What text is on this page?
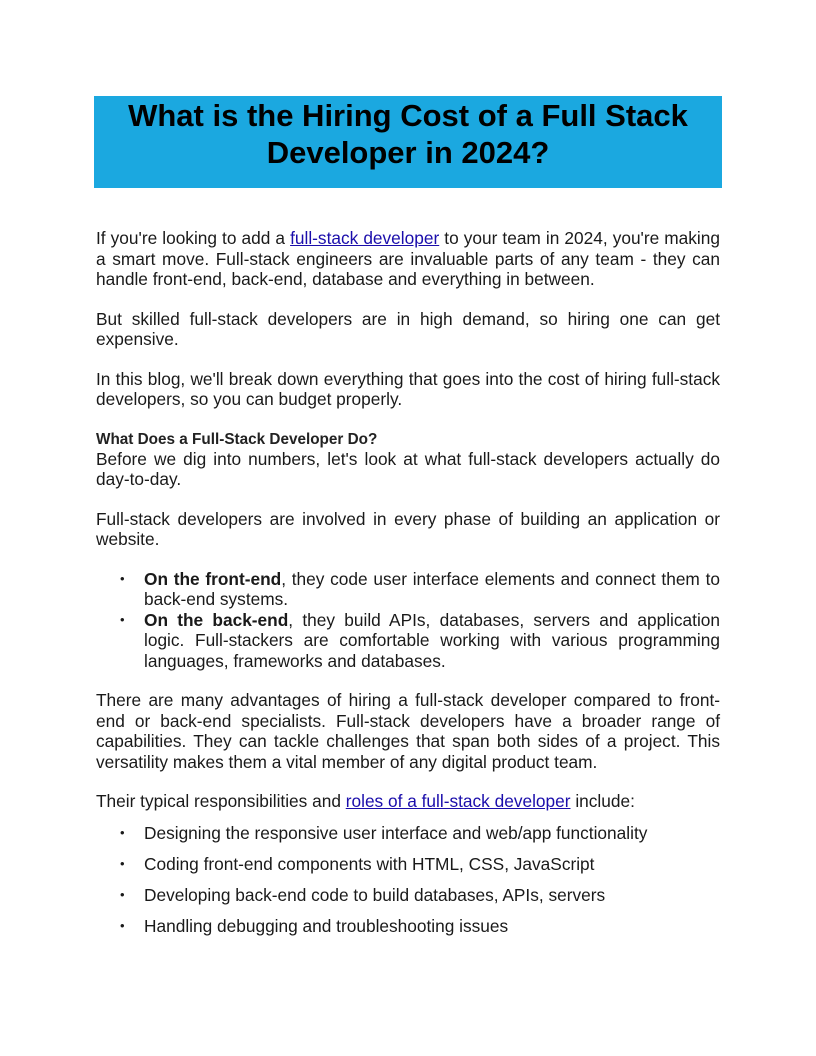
What is the Hiring Cost of a Full Stack Developer in 2024?

If you're looking to add a full-stack developer to your team in 2024, you're making a smart move. Full-stack engineers are invaluable parts of any team - they can handle front-end, back-end, database and everything in between.

But skilled full-stack developers are in high demand, so hiring one can get expensive.

In this blog, we'll break down everything that goes into the cost of hiring full-stack developers, so you can budget properly.

What Does a Full-Stack Developer Do?

Before we dig into numbers, let's look at what full-stack developers actually do day-to-day.

Full-stack developers are involved in every phase of building an application or website.

• On the front-end, they code user interface elements and connect them to back-end systems.
• On the back-end, they build APIs, databases, servers and application logic. Full-stackers are comfortable working with various programming languages, frameworks and databases.

There are many advantages of hiring a full-stack developer compared to front-end or back-end specialists. Full-stack developers have a broader range of capabilities. They can tackle challenges that span both sides of a project. This versatility makes them a vital member of any digital product team.

Their typical responsibilities and roles of a full-stack developer include:

• Designing the responsive user interface and web/app functionality
• Coding front-end components with HTML, CSS, JavaScript
• Developing back-end code to build databases, APIs, servers
• Handling debugging and troubleshooting issues
